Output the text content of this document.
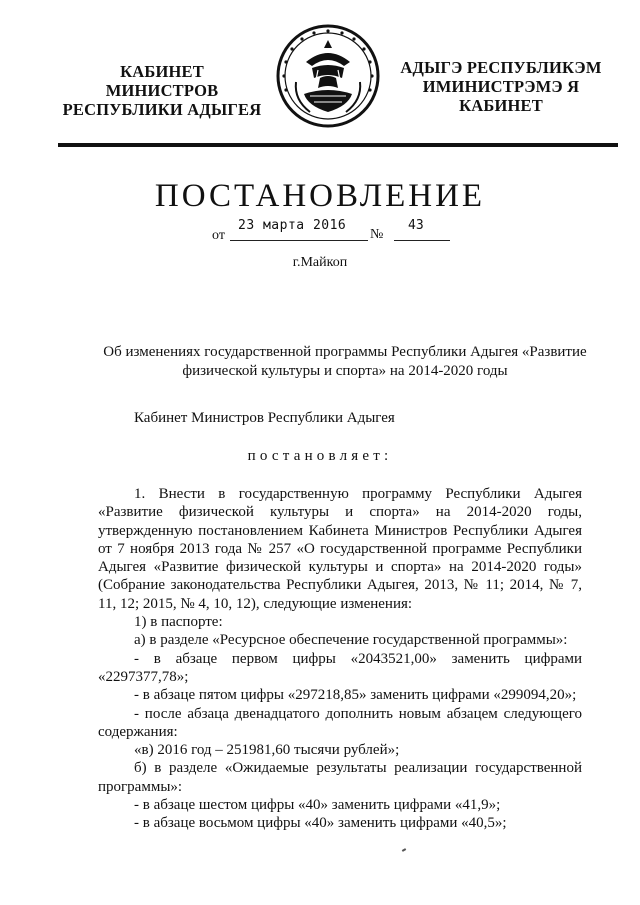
КАБИНЕТ МИНИСТРОВ
РЕСПУБЛИКИ АДЫГЕЯ
АДЫГЭ РЕСПУБЛИКЭМ
ИМИНИСТРЭМЭ Я КАБИНЕТ
ПОСТАНОВЛЕНИЕ
от
23 марта 2016
№
43
г.Майкоп
Об изменениях государственной программы Республики Адыгея «Развитие
физической культуры и спорта» на 2014-2020 годы
Кабинет Министров Республики Адыгея
постановляет:

1. Внести в государственную программу Республики Адыгея «Развитие физической культуры и спорта» на 2014-2020 годы, утвержденную постановлением Кабинета Министров Республики Адыгея от 7 ноября 2013 года № 257 «О государственной программе Республики Адыгея «Развитие физической культуры и спорта» на 2014-2020 годы» (Собрание законодательства Республики Адыгея, 2013, № 11; 2014, № 7, 11, 12; 2015, № 4, 10, 12), следующие изменения:

1) в паспорте:

а) в разделе «Ресурсное обеспечение государственной программы»:

- в абзаце первом цифры «2043521,00» заменить цифрами «2297377,78»;

- в абзаце пятом цифры «297218,85» заменить цифрами «299094,20»;

- после абзаца двенадцатого дополнить новым абзацем следующего содержания:

«в) 2016 год – 251981,60 тысячи рублей»;

б) в разделе «Ожидаемые результаты реализации государственной программы»:

- в абзаце шестом цифры «40» заменить цифрами «41,9»;

- в абзаце восьмом цифры «40» заменить цифрами «40,5»;
